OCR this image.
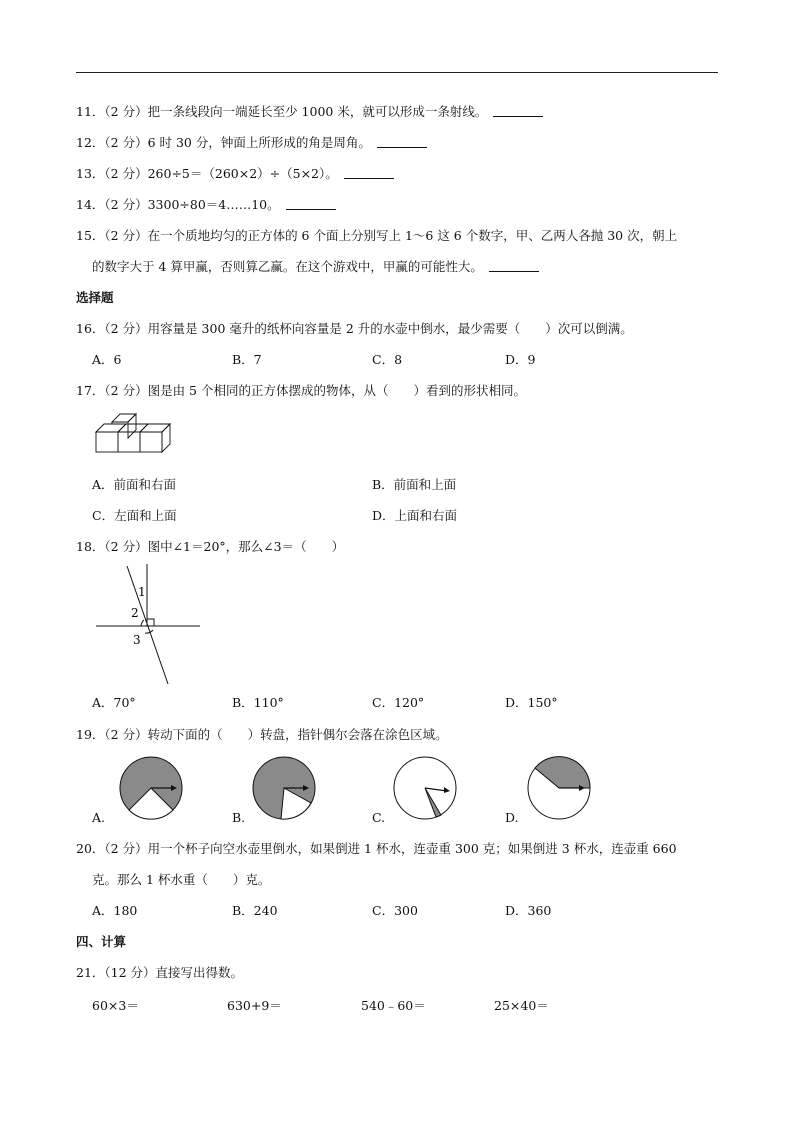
11．（2 分）把一条线段向一端延长至少 1000 米，就可以形成一条射线。
12．（2 分）6 时 30 分，钟面上所形成的角是周角。
13．（2 分）260÷5＝（260×2）÷（5×2）。
14．（2 分）3300÷80＝4……10。
15．（2 分）在一个质地均匀的正方体的 6 个面上分别写上 1～6 这 6 个数字，甲、乙两人各抛 30 次，朝上
的数字大于 4 算甲赢，否则算乙赢。在这个游戏中，甲赢的可能性大。
选择题
16．（2 分）用容量是 300 毫升的纸杯向容量是 2 升的水壶中倒水，最少需要（　　）次可以倒满。
A．6	B．7	C．8	D．9
17．（2 分）图是由 5 个相同的正方体摆成的物体，从（　　）看到的形状相同。
A．前面和右面	B．前面和上面
C．左面和上面	D．上面和右面
18．（2 分）图中∠1＝20°，那么∠3＝（　　）
1
2
3
A．70°	B．110°	C．120°	D．150°
19．（2 分）转动下面的（　　）转盘，指针偶尔会落在涂色区域。
A.	B.	C.	D.
20．（2 分）用一个杯子向空水壶里倒水，如果倒进 1 杯水，连壶重 300 克；如果倒进 3 杯水，连壶重 660
克。那么 1 杯水重（　　）克。
A．180	B．240	C．300	D．360
四、计算
21．（12 分）直接写出得数。
60×3＝	630+9＝	540﹣60＝	25×40＝
